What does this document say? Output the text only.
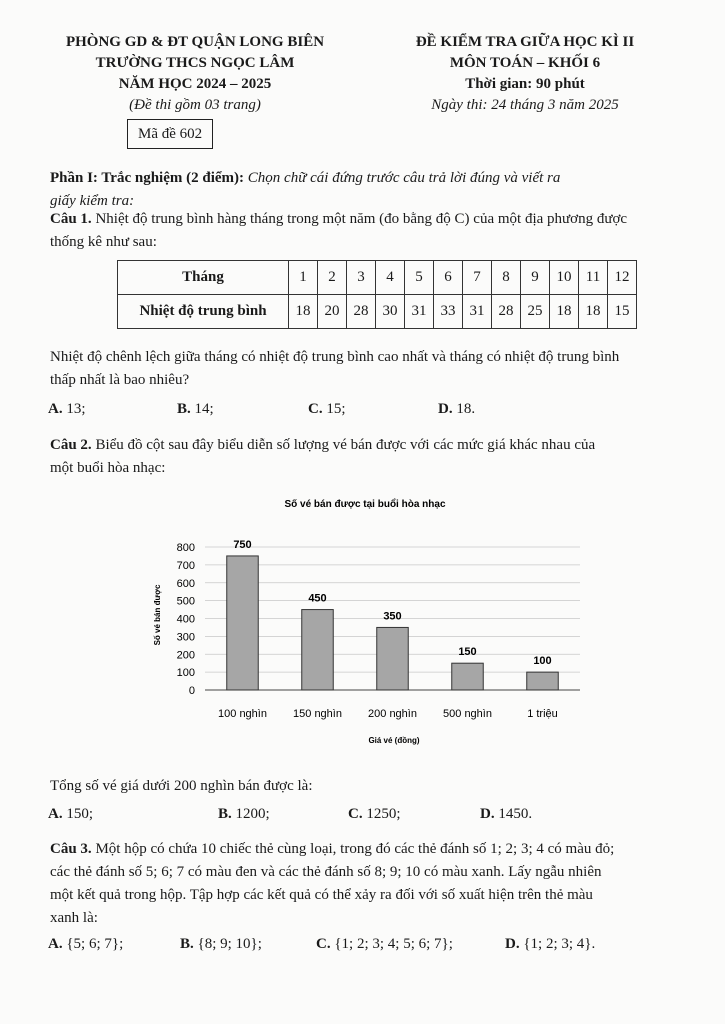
PHÒNG GD & ĐT QUẬN LONG BIÊN
TRƯỜNG THCS NGỌC LÂM
NĂM HỌC 2024 – 2025
(Đề thi gồm 03 trang)
ĐỀ KIỂM TRA GIỮA HỌC KÌ II
MÔN TOÁN – KHỐI 6
Thời gian: 90 phút
Ngày thi: 24 tháng 3 năm 2025
Mã đề 602
Phần I: Trắc nghiệm (2 điểm): Chọn chữ cái đứng trước câu trả lời đúng và viết ra
giấy kiểm tra:
Câu 1. Nhiệt độ trung bình hàng tháng trong một năm (đo bằng độ C) của một địa phương được
thống kê như sau:
Tháng	1	2	3	4	5	6	7	8	9	10	11	12
Nhiệt độ trung bình	18	20	28	30	31	33	31	28	25	18	18	15
Nhiệt độ chênh lệch giữa tháng có nhiệt độ trung bình cao nhất và tháng có nhiệt độ trung bình
thấp nhất là bao nhiêu?
A. 13;	B. 14;	C. 15;	D. 18.
Câu 2. Biểu đồ cột sau đây biểu diễn số lượng vé bán được với các mức giá khác nhau của
một buổi hòa nhạc:
Số vé bán được tại buổi hòa nhạc
0
100
200
300
400
500
600
700
800	750
450
350
150
100
100 nghìn 150 nghìn 200 nghìn 500 nghìn	1 triệu
Số vé bán được
Giá vé (đồng)
Tổng số vé giá dưới 200 nghìn bán được là:
A. 150;	B. 1200;	C. 1250;	D. 1450.
Câu 3. Một hộp có chứa 10 chiếc thẻ cùng loại, trong đó các thẻ đánh số 1; 2; 3; 4 có màu đỏ;
các thẻ đánh số 5; 6; 7 có màu đen và các thẻ đánh số 8; 9; 10 có màu xanh. Lấy ngẫu nhiên
một kết quả trong hộp. Tập hợp các kết quả có thể xảy ra đối với số xuất hiện trên thẻ màu
xanh là:
A. {5; 6; 7};	B. {8; 9; 10};	C. {1; 2; 3; 4; 5; 6; 7};	D. {1; 2; 3; 4}.
